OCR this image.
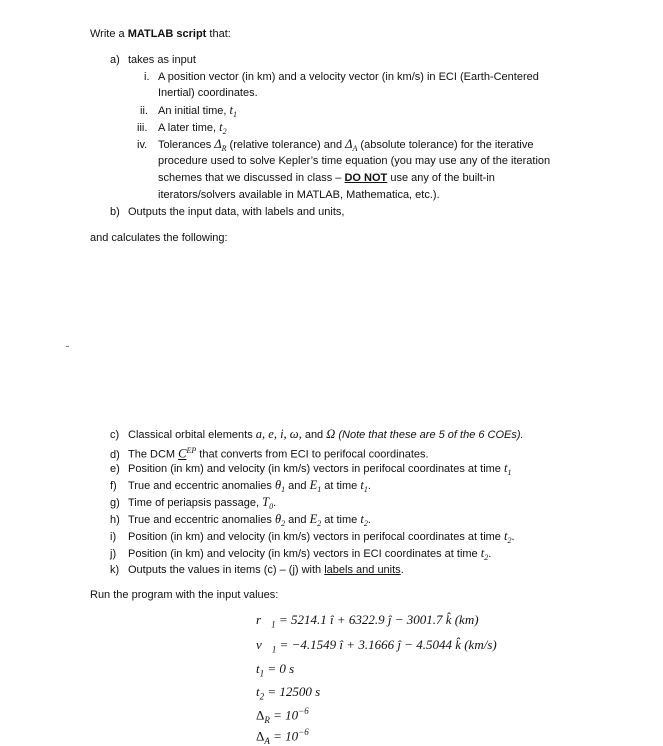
Write a MATLAB script that:
a) takes as input
i. A position vector (in km) and a velocity vector (in km/s) in ECI (Earth-Centered
Inertial) coordinates.
ii. An initial time, $t_1$
iii. A later time, $t_2$
iv. Tolerances $\Delta_R$ (relative tolerance) and $\Delta_A$ (absolute tolerance) for the iterative
procedure used to solve Kepler’s time equation (you may use any of the iteration
schemes that we discussed in class – DO NOT use any of the built-in
iterators/solvers available in MATLAB, Mathematica, etc.).
b) Outputs the input data, with labels and units,
and calculates the following:
c) Classical orbital elements a, e, i, ω, and Ω (Note that these are 5 of the 6 COEs).
d) The DCM $C^{EP}$ that converts from ECI to perifocal coordinates.
e) Position (in km) and velocity (in km/s) vectors in perifocal coordinates at time $t_1$
f) True and eccentric anomalies $\theta_1$ and $E_1$ at time $t_1$.
g) Time of periapsis passage, $T_0$.
h) True and eccentric anomalies $\theta_2$ and $E_2$ at time $t_2$.
i) Position (in km) and velocity (in km/s) vectors in perifocal coordinates at time $t_2$.
j) Position (in km) and velocity (in km/s) vectors in ECI coordinates at time $t_2$.
k) Outputs the values in items (c) – (j) with labels and units.
Run the program with the input values:
$r⃗_1 = 5214.1$ î + 6322.9 ĵ − 3001.7 k̂ (km)
$v⃗_1 = -4.1549$ î + 3.1666 ĵ − 4.5044 k̂ (km/s)
$t_1 = 0$ s
$t_2 = 12500$ s
$\Delta_R = 10^{-6}$
$\Delta_A = 10^{-6}$
